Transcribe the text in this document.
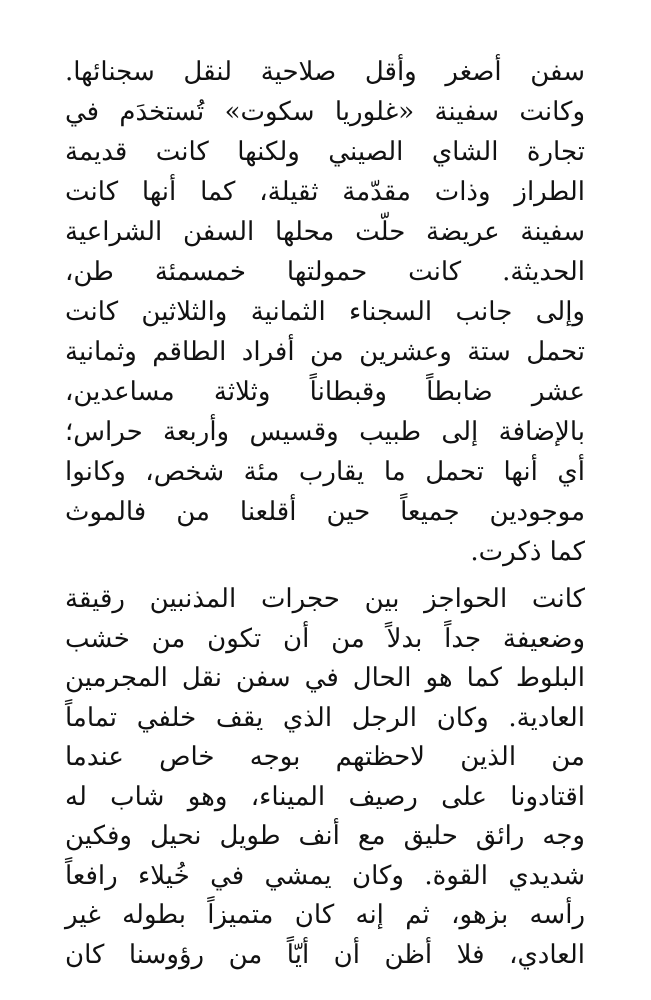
سفن أصغر وأقل صلاحية لنقل سجنائها.
وكانت سفينة «غلوريا سكوت» تُستخدَم في
تجارة الشاي الصيني ولكنها كانت قديمة
الطراز وذات مقدّمة ثقيلة، كما أنها كانت
سفينة عريضة حلّت محلها السفن الشراعية
الحديثة. كانت حمولتها خمسمئة طن،
وإلى جانب السجناء الثمانية والثلاثين كانت
تحمل ستة وعشرين من أفراد الطاقم وثمانية
عشر ضابطاً وقبطاناً وثلاثة مساعدين،
بالإضافة إلى طبيب وقسيس وأربعة حراس؛
أي أنها تحمل ما يقارب مئة شخص، وكانوا
موجودين جميعاً حين أقلعنا من فالموث
كما ذكرت.
كانت الحواجز بين حجرات المذنبين رقيقة
وضعيفة جداً بدلاً من أن تكون من خشب
البلوط كما هو الحال في سفن نقل المجرمين
العادية. وكان الرجل الذي يقف خلفي تماماً
من الذين لاحظتهم بوجه خاص عندما
اقتادونا على رصيف الميناء، وهو شاب له
وجه رائق حليق مع أنف طويل نحيل وفكين
شديدي القوة. وكان يمشي في خُيلاء رافعاً
رأسه بزهو، ثم إنه كان متميزاً بطوله غير
العادي، فلا أظن أن أيّاً من رؤوسنا كان
